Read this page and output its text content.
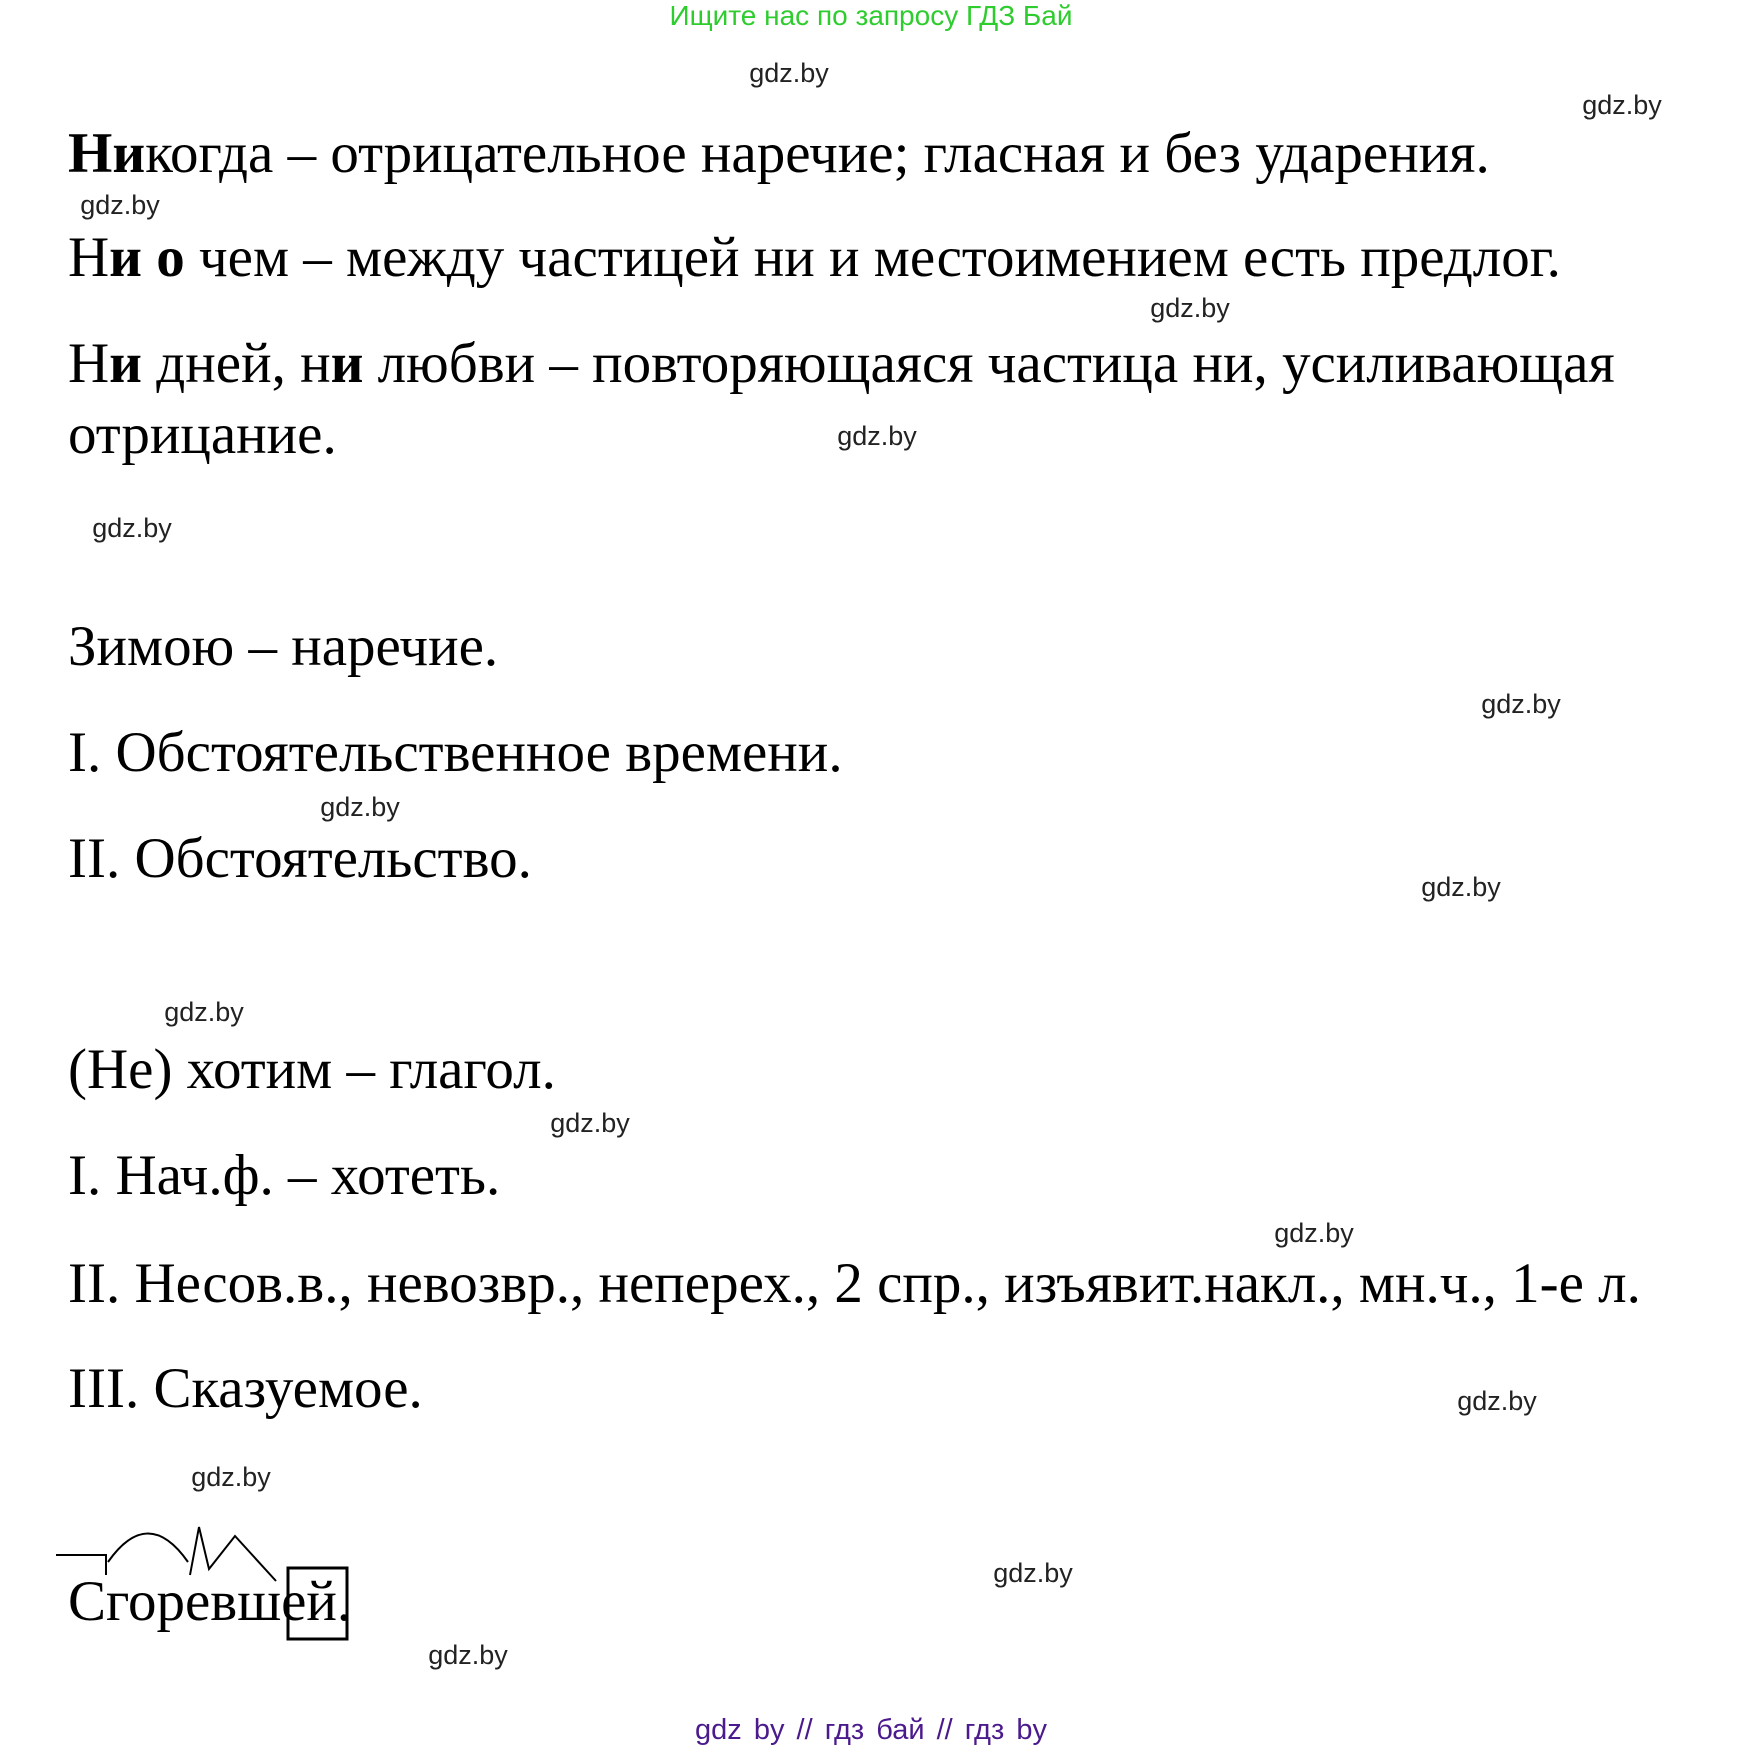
Ищите нас по запросу ГДЗ Бай
Никогда – отрицательное наречие; гласная и без ударения.
Ни о чем – между частицей ни и местоимением есть предлог.
Ни дней, ни любви – повторяющаяся частица ни, усиливающая
отрицание.
Зимою – наречие.
I. Обстоятельственное времени.
II. Обстоятельство.
(Не) хотим – глагол.
I. Нач.ф. – хотеть.
II. Несов.в., невозвр., неперех., 2 спр., изъявит.накл., мн.ч., 1-е л.
III. Сказуемое.
Сгоревшей.
gdz.by
gdz.by
gdz.by
gdz.by
gdz.by
gdz.by
gdz.by
gdz.by
gdz.by
gdz.by
gdz.by
gdz.by
gdz.by
gdz.by
gdz.by
gdz.by
gdz by // гдз бай // гдз by
